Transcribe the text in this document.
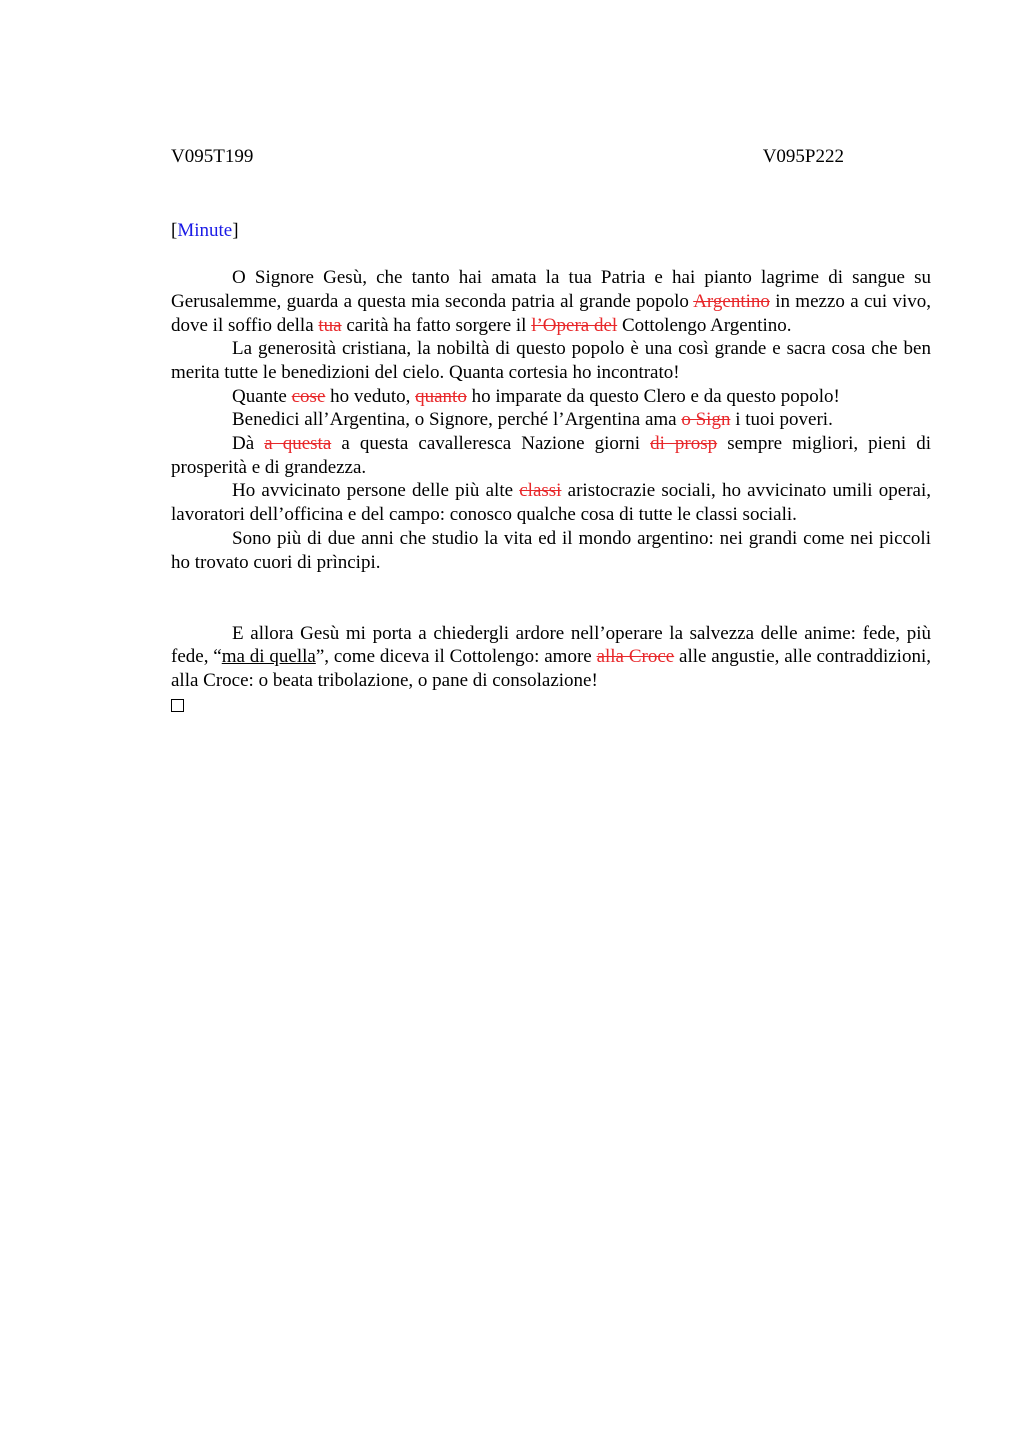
V095T199	V095P222
[Minute]

O Signore Gesù, che tanto hai amata la tua Patria e hai pianto lagrime di sangue su Gerusalemme, guarda a questa mia seconda patria al grande popolo Argentino in mezzo a cui vivo, dove il soffio della tua carità ha fatto sorgere il l’Opera del Cottolengo Argentino.

La generosità cristiana, la nobiltà di questo popolo è una così grande e sacra cosa che ben merita tutte le benedizioni del cielo. Quanta cortesia ho incontrato!

Quante cose ho veduto, quanto ho imparate da questo Clero e da questo popolo!

Benedici all’Argentina, o Signore, perché l’Argentina ama o Sign i tuoi poveri.

Dà a questa a questa cavalleresca Nazione giorni di prosp sempre migliori, pieni di prosperità e di grandezza.

Ho avvicinato persone delle più alte classi aristocrazie sociali, ho avvicinato umili operai, lavoratori dell’officina e del campo: conosco qualche cosa di tutte le classi sociali.

Sono più di due anni che studio la vita ed il mondo argentino: nei grandi come nei piccoli ho trovato cuori di prìncipi.

E allora Gesù mi porta a chiedergli ardore nell’operare la salvezza delle anime: fede, più fede, “ma di quella”, come diceva il Cottolengo: amore alla Croce alle angustie, alle contraddizioni, alla Croce: o beata tribolazione, o pane di consolazione!
